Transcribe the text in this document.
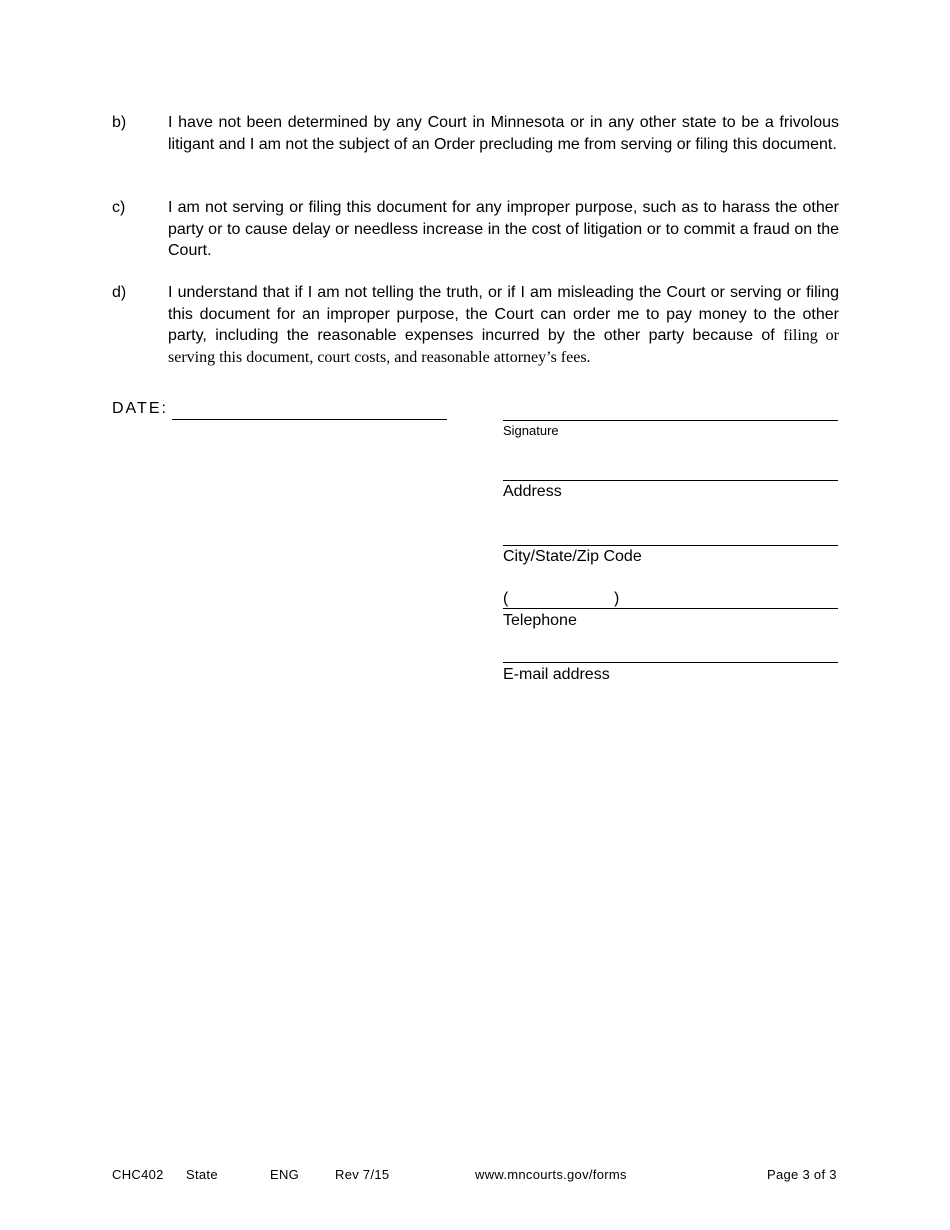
b)	I have not been determined by any Court in Minnesota or in any other state to be a frivolous litigant and I am not the subject of an Order precluding me from serving or filing this document.
c)	I am not serving or filing this document for any improper purpose, such as to harass the other party or to cause delay or needless increase in the cost of litigation or to commit a fraud on the Court.
d)	I understand that if I am not telling the truth, or if I am misleading the Court or serving or filing this document for an improper purpose, the Court can order me to pay money to the other party, including the reasonable expenses incurred by the other party because of filing or serving this document, court costs, and reasonable attorney’s fees.
DATE:
Signature
Address
City/State/Zip Code
(	)
Telephone
E-mail address
CHC402 State	ENG	Rev 7/15	www.mncourts.gov/forms	Page 3 of 3
